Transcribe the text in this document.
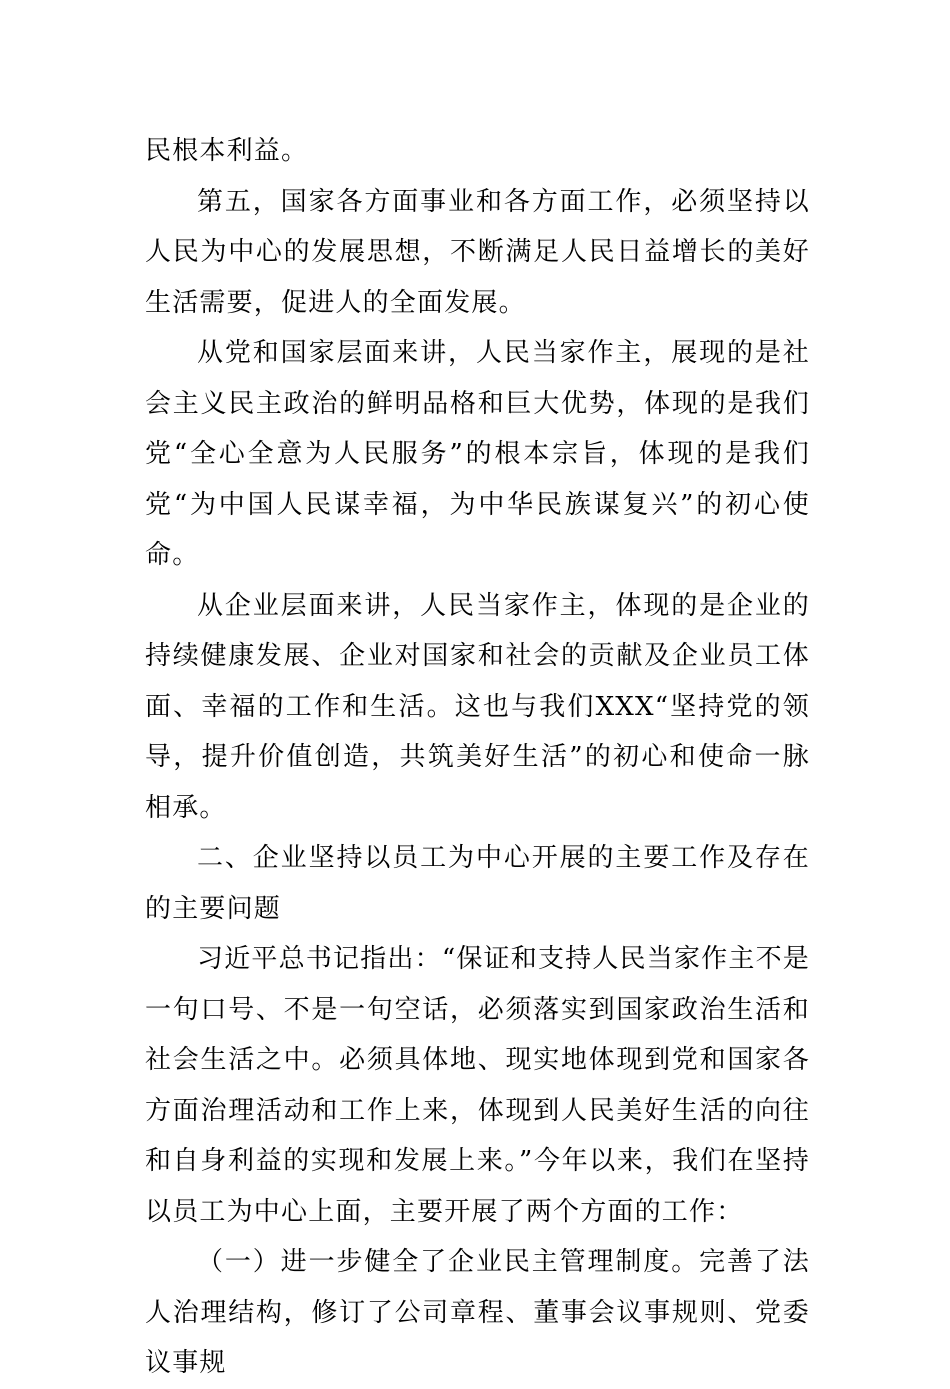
民根本利益。

第五，国家各方面事业和各方面工作，必须坚持以人民为中心的发展思想，不断满足人民日益增长的美好生活需要，促进人的全面发展。

从党和国家层面来讲，人民当家作主，展现的是社会主义民主政治的鲜明品格和巨大优势，体现的是我们党“全心全意为人民服务”的根本宗旨，体现的是我们党“为中国人民谋幸福，为中华民族谋复兴”的初心使命。

从企业层面来讲，人民当家作主，体现的是企业的持续健康发展、企业对国家和社会的贡献及企业员工体面、幸福的工作和生活。这也与我们XXX“坚持党的领导，提升价值创造，共筑美好生活”的初心和使命一脉相承。

二、企业坚持以员工为中心开展的主要工作及存在的主要问题

习近平总书记指出：“保证和支持人民当家作主不是一句口号、不是一句空话，必须落实到国家政治生活和社会生活之中。必须具体地、现实地体现到党和国家各方面治理活动和工作上来，体现到人民美好生活的向往和自身利益的实现和发展上来。”今年以来，我们在坚持以员工为中心上面，主要开展了两个方面的工作：

（一）进一步健全了企业民主管理制度。完善了法人治理结构，修订了公司章程、董事会议事规则、党委议事规
